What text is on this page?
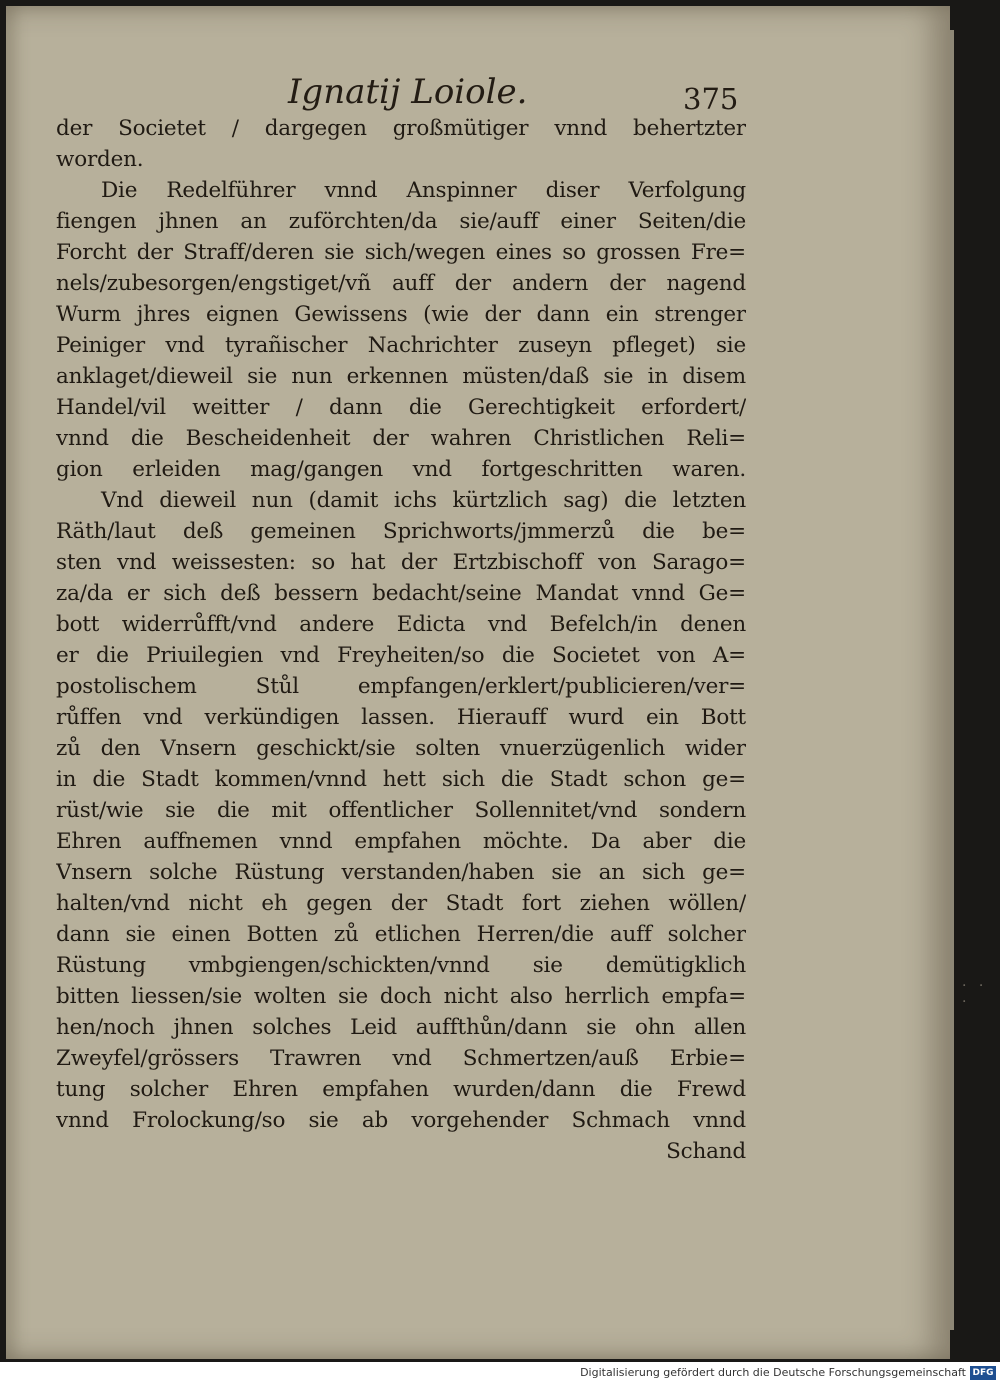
Ignatij Loiole.	375
der Societet / dargegen großmütiger vnnd behertzter
worden.
Die Redelführer vnnd Anspinner diser Verfolgung
fiengen jhnen an zuförchten/da sie/auff einer Seiten/die
Forcht der Straff/deren sie sich/wegen eines so grossen Fre=
nels/zubesorgen/engstiget/vñ auff der andern der nagend
Wurm jhres eignen Gewissens (wie der dann ein strenger
Peiniger vnd tyrañischer Nachrichter zuseyn pfleget) sie
anklaget/dieweil sie nun erkennen müsten/daß sie in disem
Handel/vil weitter / dann die Gerechtigkeit erfordert/
vnnd die Bescheidenheit der wahren Christlichen Reli=
gion erleiden mag/gangen vnd fortgeschritten waren.
Vnd dieweil nun (damit ichs kürtzlich sag) die letzten
Räth/laut deß gemeinen Sprichworts/jmmerzů die be=
sten vnd weissesten: so hat der Ertzbischoff von Sarago=
za/da er sich deß bessern bedacht/seine Mandat vnnd Ge=
bott widerrůfft/vnd andere Edicta vnd Befelch/in denen
er die Priuilegien vnd Freyheiten/so die Societet von A=
postolischem Stůl empfangen/erklert/publicieren/ver=
růffen vnd verkündigen lassen. Hierauff wurd ein Bott
zů den Vnsern geschickt/sie solten vnuerzügenlich wider
in die Stadt kommen/vnnd hett sich die Stadt schon ge=
rüst/wie sie die mit offentlicher Sollennitet/vnd sondern
Ehren auffnemen vnnd empfahen möchte. Da aber die
Vnsern solche Rüstung verstanden/haben sie an sich ge=
halten/vnd nicht eh gegen der Stadt fort ziehen wöllen/
dann sie einen Botten zů etlichen Herren/die auff solcher
Rüstung vmbgiengen/schickten/vnnd sie demütigklich
bitten liessen/sie wolten sie doch nicht also herrlich empfa=
hen/noch jhnen solches Leid auffthůn/dann sie ohn allen
Zweyfel/grössers Trawren vnd Schmertzen/auß Erbie=
tung solcher Ehren empfahen wurden/dann die Frewd
vnnd Frolockung/so sie ab vorgehender Schmach vnnd
Schand
· · ·
Digitalisierung gefördert durch die Deutsche Forschungsgemeinschaft DFG
